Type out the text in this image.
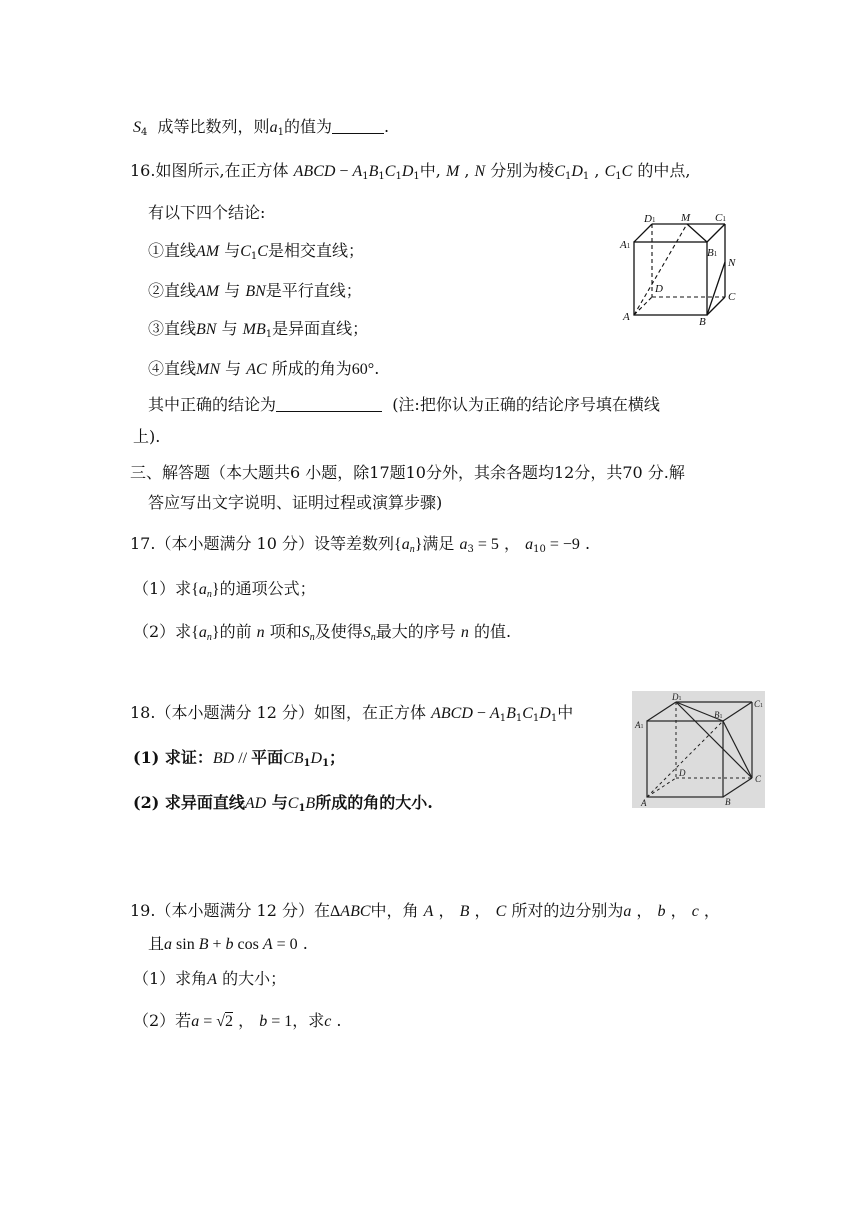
$S_4$ 成等比数列，则$a_1$的值为	.
16.如图所示,在正方体 ABCD − $A_1B_1C_1D_1$中, M , N 分别为棱$C_1D_1$ , $C_1C$ 的中点,
有以下四个结论:
①直线AM 与$C_1C$是相交直线；
②直线AM 与 BN是平行直线；
③直线BN 与 $MB_1$是异面直线；
④直线MN 与 AC 所成的角为60°.
其中正确的结论为	(注:把你认为正确的结论序号填在横线
上).
D1 M C1
A1
B1
N
D
C
A	B
三、解答题（本大题共6 小题，除17题10分外，其余各题均12分，共70 分.解
答应写出文字说明、证明过程或演算步骤)
17.（本小题满分 10 分）设等差数列$\{a_n\}$满足 $a_3 = 5$ ， $a_{10} = -9$ .
（1）求$\{a_n\}$的通项公式；
（2）求$\{a_n\}$的前 n 项和$S_n$及使得$S_n$最大的序号 n 的值.
18.（本小题满分 12 分）如图，在正方体 ABCD − $A_1B_1C_1D_1$中
(1) 求证：BD // 平面$CB_1D_1$；
(2) 求异面直线AD 与$C_1B$所成的角的大小.
D1	C1
A1
B1
D
C
A	B
19.（本小题满分 12 分）在ΔABC中，角 A ， B ， C 所对的边分别为a ， b ， c ，
且a sin B + b cos A = 0 .
（1）求角A 的大小；
（2）若a = √2 ， b = 1，求c .
